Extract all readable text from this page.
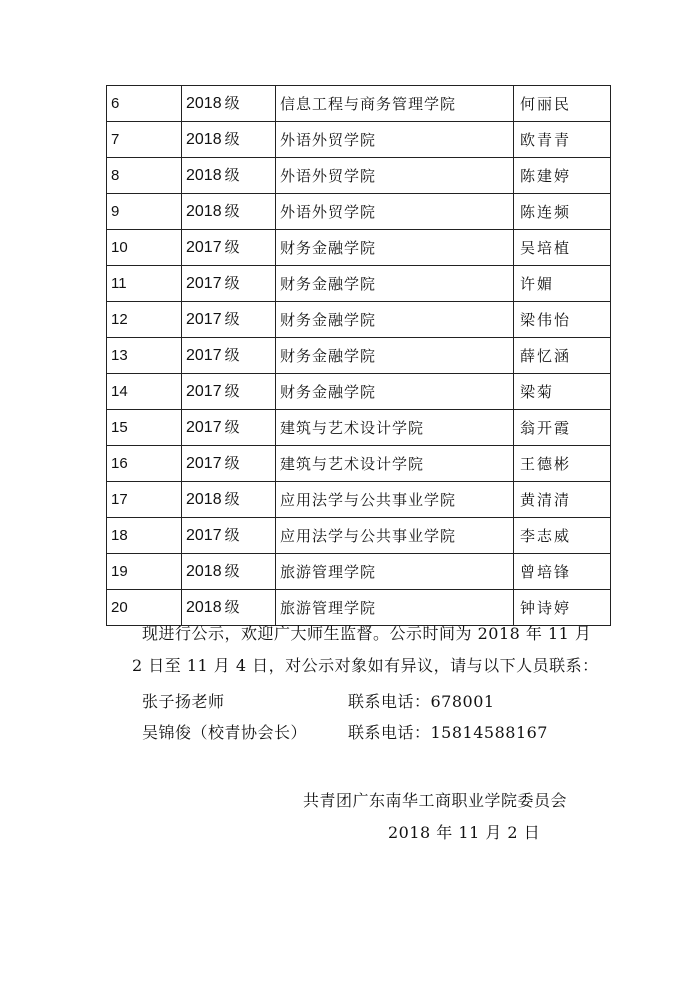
6	2018 级	信息工程与商务管理学院	何丽民
7	2018 级	外语外贸学院	欧青青
8	2018 级	外语外贸学院	陈建婷
9	2018 级	外语外贸学院	陈连频
10	2017 级	财务金融学院	吴培植
11	2017 级	财务金融学院	许媚
12	2017 级	财务金融学院	梁伟怡
13	2017 级	财务金融学院	薛忆涵
14	2017 级	财务金融学院	梁菊
15	2017 级	建筑与艺术设计学院	翁开霞
16	2017 级	建筑与艺术设计学院	王德彬
17	2018 级	应用法学与公共事业学院	黄清清
18	2017 级	应用法学与公共事业学院	李志威
19	2018 级	旅游管理学院	曾培锋
20	2018 级	旅游管理学院	钟诗婷
现进行公示，欢迎广大师生监督。公示时间为 2018 年 11 月
2 日至 11 月 4 日，对公示对象如有异议，请与以下人员联系：
张子扬老师	联系电话：678001
吴锦俊（校青协会长）	联系电话：15814588167
共青团广东南华工商职业学院委员会
2018 年 11 月 2 日
